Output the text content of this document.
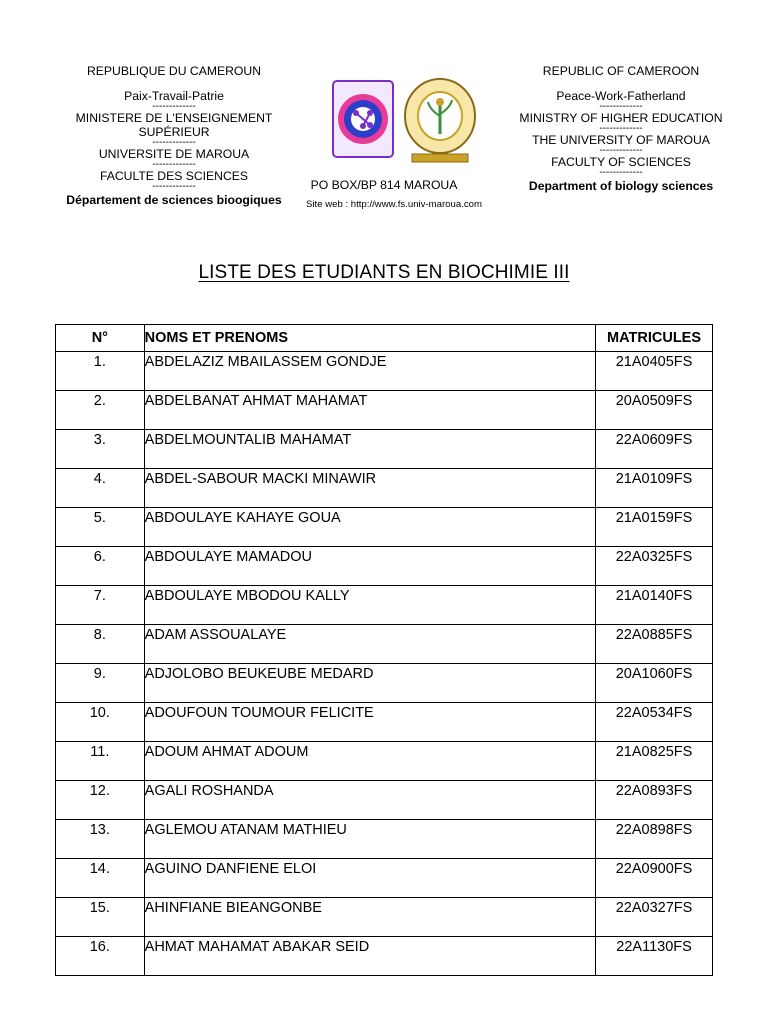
REPUBLIQUE DU CAMEROUN
Paix-Travail-Patrie
-------------
MINISTERE DE L'ENSEIGNEMENT SUPÉRIEUR
-------------
UNIVERSITE DE MAROUA
-------------
FACULTE DES SCIENCES
-------------
Département de sciences bioogiques
REPUBLIC OF CAMEROON
Peace-Work-Fatherland
-------------
MINISTRY OF HIGHER EDUCATION
-------------
THE UNIVERSITY OF MAROUA
-------------
FACULTY OF SCIENCES
-------------
Department of biology sciences
PO BOX/BP 814 MAROUA
Site web : http://www.fs.univ-maroua.com
LISTE DES ETUDIANTS EN BIOCHIMIE III
N°	NOMS ET PRENOMS	MATRICULES

1.	ABDELAZIZ MBAILASSEM GONDJE	21A0405FS

2.	ABDELBANAT AHMAT MAHAMAT	20A0509FS

3.	ABDELMOUNTALIB MAHAMAT	22A0609FS

4.	ABDEL-SABOUR MACKI MINAWIR	21A0109FS

5.	ABDOULAYE KAHAYE GOUA	21A0159FS

6.	ABDOULAYE MAMADOU	22A0325FS

7.	ABDOULAYE MBODOU KALLY	21A0140FS

8.	ADAM ASSOUALAYE	22A0885FS

9.	ADJOLOBO BEUKEUBE MEDARD	20A1060FS

10.	ADOUFOUN TOUMOUR FELICITE	22A0534FS

11.	ADOUM AHMAT ADOUM	21A0825FS

12.	AGALI ROSHANDA	22A0893FS

13.	AGLEMOU ATANAM MATHIEU	22A0898FS

14.	AGUINO DANFIENE ELOI	22A0900FS

15.	AHINFIANE BIEANGONBE	22A0327FS

16.	AHMAT MAHAMAT ABAKAR SEID	22A1130FS
